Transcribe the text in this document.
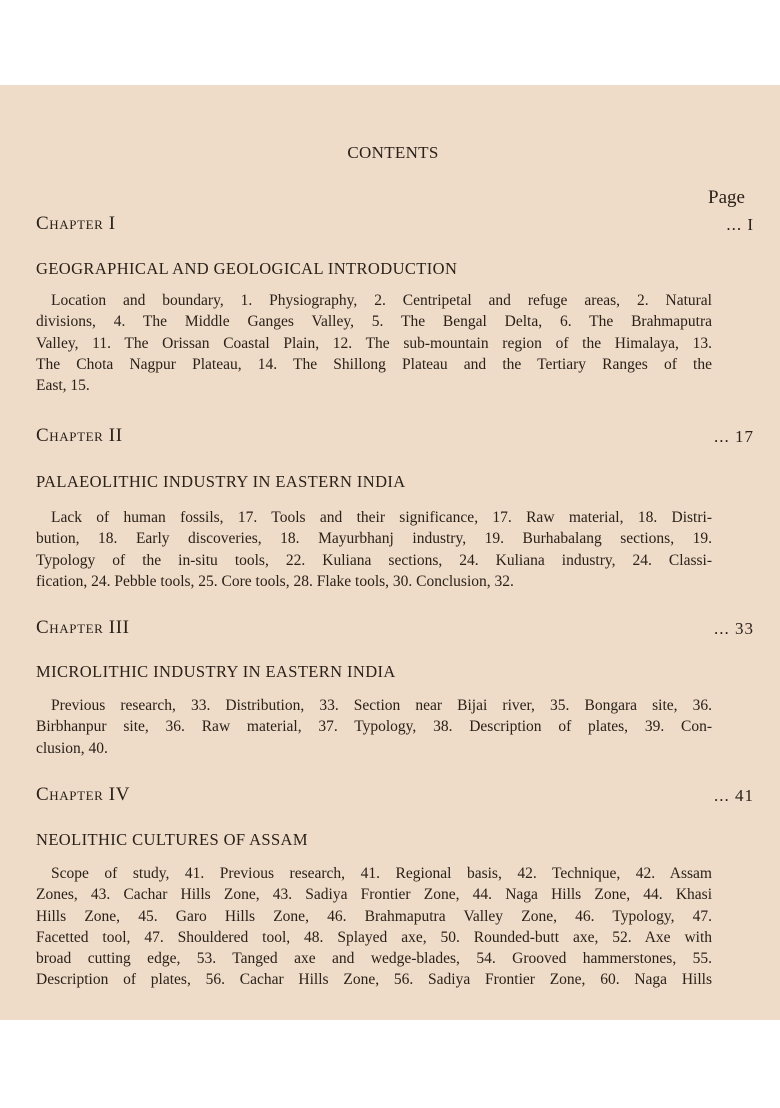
CONTENTS
Page
Chapter I	... I
GEOGRAPHICAL AND GEOLOGICAL INTRODUCTION
Location and boundary, 1. Physiography, 2. Centripetal and refuge areas, 2. Natural
divisions, 4. The Middle Ganges Valley, 5. The Bengal Delta, 6. The Brahmaputra
Valley, 11. The Orissan Coastal Plain, 12. The sub-mountain region of the Himalaya, 13.
The Chota Nagpur Plateau, 14. The Shillong Plateau and the Tertiary Ranges of the
East, 15.
Chapter II	... 17
PALAEOLITHIC INDUSTRY IN EASTERN INDIA
Lack of human fossils, 17. Tools and their significance, 17. Raw material, 18. Distri-
bution, 18. Early discoveries, 18. Mayurbhanj industry, 19. Burhabalang sections, 19.
Typology of the in-situ tools, 22. Kuliana sections, 24. Kuliana industry, 24. Classi-
fication, 24. Pebble tools, 25. Core tools, 28. Flake tools, 30. Conclusion, 32.
Chapter III	... 33
MICROLITHIC INDUSTRY IN EASTERN INDIA
Previous research, 33. Distribution, 33. Section near Bijai river, 35. Bongara site, 36.
Birbhanpur site, 36. Raw material, 37. Typology, 38. Description of plates, 39. Con-
clusion, 40.
Chapter IV	... 41
NEOLITHIC CULTURES OF ASSAM
Scope of study, 41. Previous research, 41. Regional basis, 42. Technique, 42. Assam
Zones, 43. Cachar Hills Zone, 43. Sadiya Frontier Zone, 44. Naga Hills Zone, 44. Khasi
Hills Zone, 45. Garo Hills Zone, 46. Brahmaputra Valley Zone, 46. Typology, 47.
Facetted tool, 47. Shouldered tool, 48. Splayed axe, 50. Rounded-butt axe, 52. Axe with
broad cutting edge, 53. Tanged axe and wedge-blades, 54. Grooved hammerstones, 55.
Description of plates, 56. Cachar Hills Zone, 56. Sadiya Frontier Zone, 60. Naga Hills
